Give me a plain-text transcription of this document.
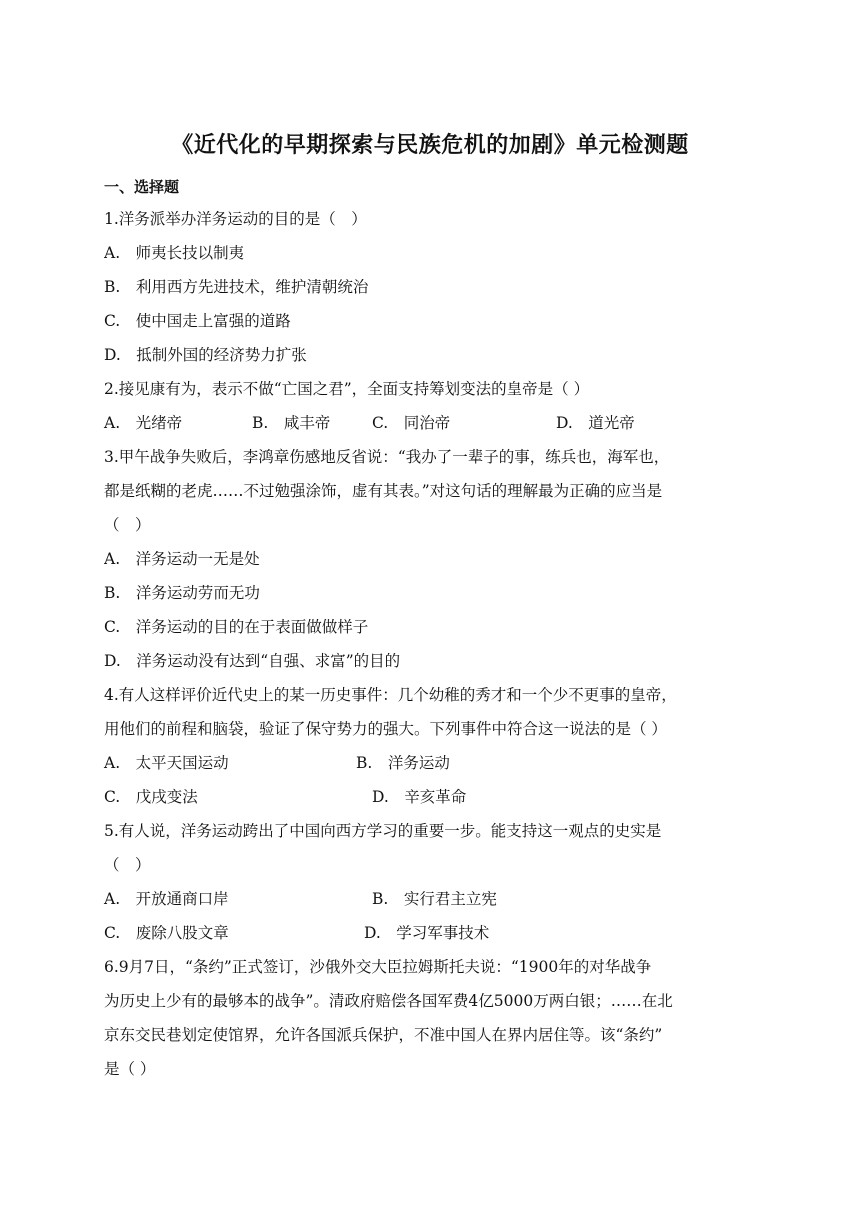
《近代化的早期探索与民族危机的加剧》单元检测题
一、选择题
1.洋务派举办洋务运动的目的是（　）
A.　师夷长技以制夷
B.　利用西方先进技术，维护清朝统治
C.　使中国走上富强的道路
D.　抵制外国的经济势力扩张
2.接见康有为，表示不做“亡国之君”，全面支持筹划变法的皇帝是（ ）
A.　光绪帝	B.　咸丰帝	C.　同治帝	D.　道光帝
3.甲午战争失败后，李鸿章伤感地反省说：“我办了一辈子的事，练兵也，海军也，
都是纸糊的老虎……不过勉强涂饰，虚有其表。”对这句话的理解最为正确的应当是
（　）
A.　洋务运动一无是处
B.　洋务运动劳而无功
C.　洋务运动的目的在于表面做做样子
D.　洋务运动没有达到“自强、求富”的目的
4.有人这样评价近代史上的某一历史事件：几个幼稚的秀才和一个少不更事的皇帝，
用他们的前程和脑袋，验证了保守势力的强大。下列事件中符合这一说法的是（ ）
A.　太平天国运动	B.　洋务运动
C.　戊戌变法	D.　辛亥革命
5.有人说，洋务运动跨出了中国向西方学习的重要一步。能支持这一观点的史实是
（　）
A.　开放通商口岸	B.　实行君主立宪
C.　废除八股文章	D.　学习军事技术
6.9月7日，“条约”正式签订，沙俄外交大臣拉姆斯托夫说：“1900年的对华战争
为历史上少有的最够本的战争”。清政府赔偿各国军费4亿5000万两白银；……在北
京东交民巷划定使馆界，允许各国派兵保护，不准中国人在界内居住等。该“条约”
是（ ）
